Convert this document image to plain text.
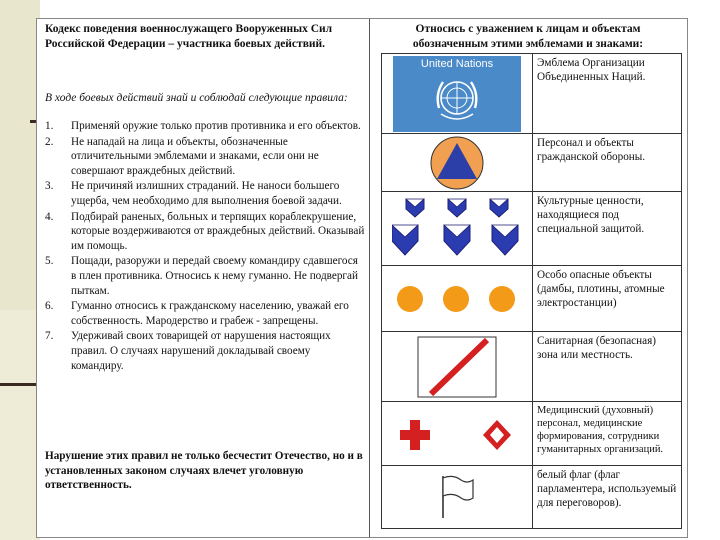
Кодекс поведения военнослужащего Вооруженных Сил Российской Федерации – участника боевых действий.
В ходе боевых действий знай и соблюдай следующие правила:
1. Применяй оружие только против противника и его объектов.
2. Не нападай на лица и объекты, обозначенные отличительными эмблемами и знаками, если они не совершают враждебных действий.
3. Не причиняй излишних страданий. Не наноси большего ущерба, чем необходимо для выполнения боевой задачи.
4. Подбирай раненых, больных и терпящих кораблекрушение, которые воздерживаются от враждебных действий. Оказывай им помощь.
5. Пощади, разоружи и передай своему командиру сдавшегося в плен противника. Относись к нему гуманно. Не подвергай пыткам.
6. Гуманно относись к гражданскому населению, уважай его собственность. Мародерство и грабеж - запрещены.
7. Удерживай своих товарищей от нарушения настоящих правил. О случаях нарушений докладывай своему командиру.
Нарушение этих правил не только бесчестит Отечество, но и в установленных законом случаях влечет уголовную ответственность.
Относись с уважением к лицам и объектам обозначенным этими эмблемами и знаками:
United Nations	Эмблема Организации Объединенных Наций.
Персонал и объекты гражданской обороны.
Культурные ценности, находящиеся под специальной защитой.
Особо опасные объекты (дамбы, плотины, атомные электростанции)
Санитарная (безопасная) зона или местность.
Медицинский (духовный) персонал, медицинские формирования, сотрудники гуманитарных организаций.
белый флаг (флаг парламентера, используемый для переговоров).
